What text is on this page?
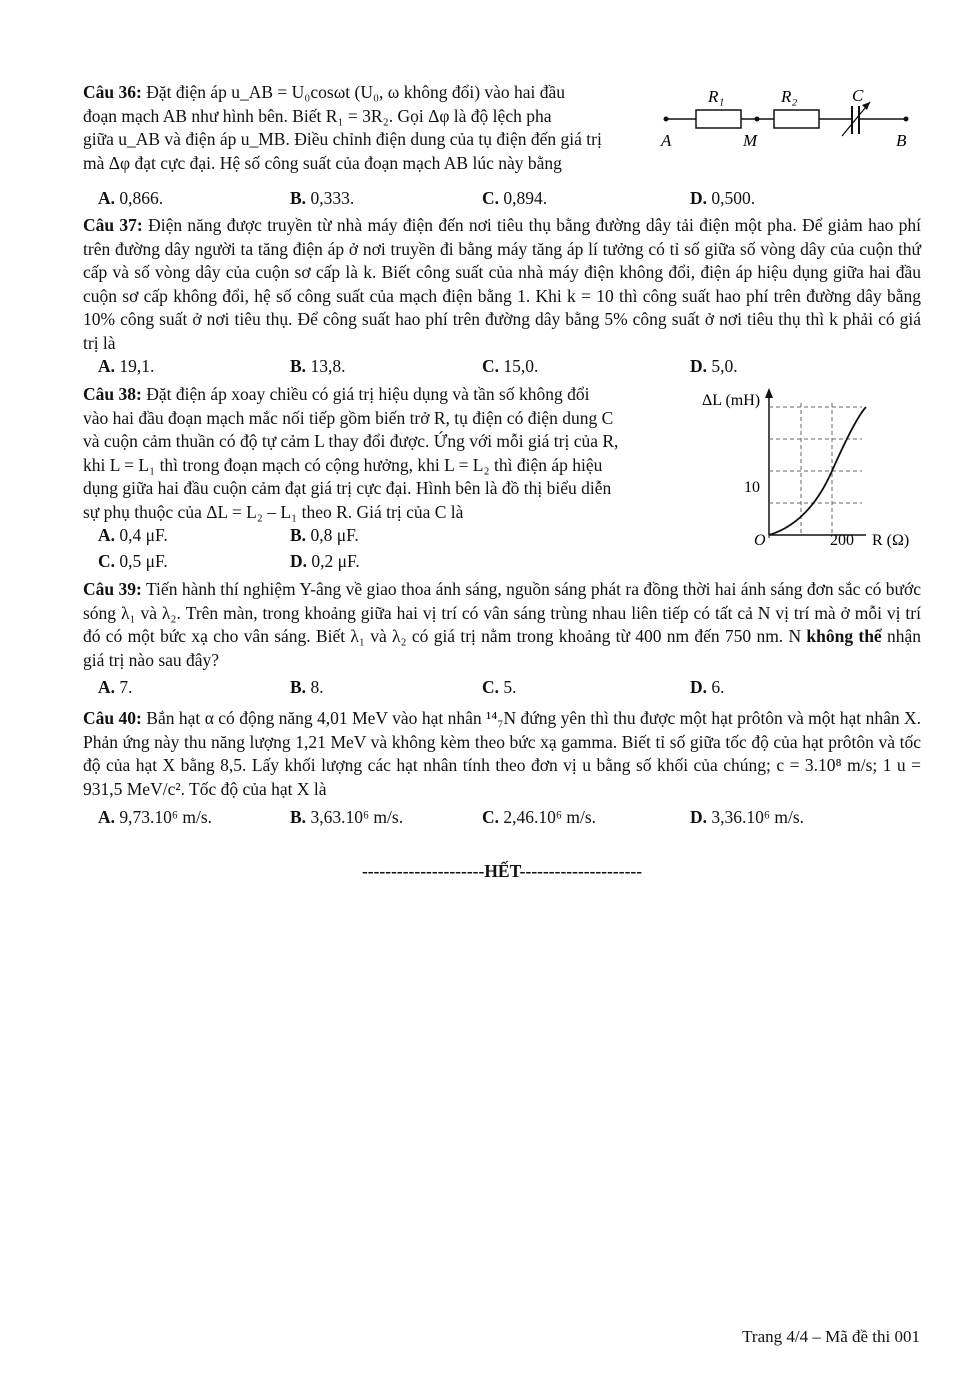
Câu 36: Đặt điện áp u_AB = U₀cosωt (U₀, ω không đổi) vào hai đầu

đoạn mạch AB như hình bên. Biết R₁ = 3R₂. Gọi Δφ là độ lệch pha

giữa u_AB và điện áp u_MB. Điều chỉnh điện dung của tụ điện đến giá trị

mà Δφ đạt cực đại. Hệ số công suất của đoạn mạch AB lúc này bằng

R₁	R₂	C
A	M	B
A. 0,866.	B. 0,333.	C. 0,894.	D. 0,500.

Câu 37: Điện năng được truyền từ nhà máy điện đến nơi tiêu thụ bằng đường dây tải điện một pha. Để giảm hao phí trên đường dây người ta tăng điện áp ở nơi truyền đi bằng máy tăng áp lí tưởng có tỉ số giữa số vòng dây của cuộn thứ cấp và số vòng dây của cuộn sơ cấp là k. Biết công suất của nhà máy điện không đổi, điện áp hiệu dụng giữa hai đầu cuộn sơ cấp không đổi, hệ số công suất của mạch điện bằng 1. Khi k = 10 thì công suất hao phí trên đường dây bằng 10% công suất ở nơi tiêu thụ. Để công suất hao phí trên đường dây bằng 5% công suất ở nơi tiêu thụ thì k phải có giá trị là

A. 19,1.	B. 13,8.	C. 15,0.	D. 5,0.

Câu 38: Đặt điện áp xoay chiều có giá trị hiệu dụng và tần số không đổi

vào hai đầu đoạn mạch mắc nối tiếp gồm biến trở R, tụ điện có điện dung C

và cuộn cảm thuần có độ tự cảm L thay đổi được. Ứng với mỗi giá trị của R,

khi L = L₁ thì trong đoạn mạch có cộng hưởng, khi L = L₂ thì điện áp hiệu

dụng giữa hai đầu cuộn cảm đạt giá trị cực đại. Hình bên là đồ thị biểu diễn

sự phụ thuộc của ΔL = L₂ – L₁ theo R. Giá trị của C là

ΔL (mH)
10
O	200 R (Ω)
A. 0,4 μF.	B. 0,8 μF.
C. 0,5 μF.	D. 0,2 μF.

Câu 39: Tiến hành thí nghiệm Y-âng về giao thoa ánh sáng, nguồn sáng phát ra đồng thời hai ánh sáng đơn sắc có bước sóng λ₁ và λ₂. Trên màn, trong khoảng giữa hai vị trí có vân sáng trùng nhau liên tiếp có tất cả N vị trí mà ở mỗi vị trí đó có một bức xạ cho vân sáng. Biết λ₁ và λ₂ có giá trị nằm trong khoảng từ 400 nm đến 750 nm. N không thể nhận giá trị nào sau đây?

A. 7.	B. 8.	C. 5.	D. 6.

Câu 40: Bắn hạt α có động năng 4,01 MeV vào hạt nhân ¹⁴₇N đứng yên thì thu được một hạt prôtôn và một hạt nhân X. Phản ứng này thu năng lượng 1,21 MeV và không kèm theo bức xạ gamma. Biết tỉ số giữa tốc độ của hạt prôtôn và tốc độ của hạt X bằng 8,5. Lấy khối lượng các hạt nhân tính theo đơn vị u bằng số khối của chúng; c = 3.10⁸ m/s; 1 u = 931,5 MeV/c². Tốc độ của hạt X là

A. 9,73.10⁶ m/s.	B. 3,63.10⁶ m/s.	C. 2,46.10⁶ m/s.	D. 3,36.10⁶ m/s.
---------------------HẾT---------------------
Trang 4/4 – Mã đề thi 001
